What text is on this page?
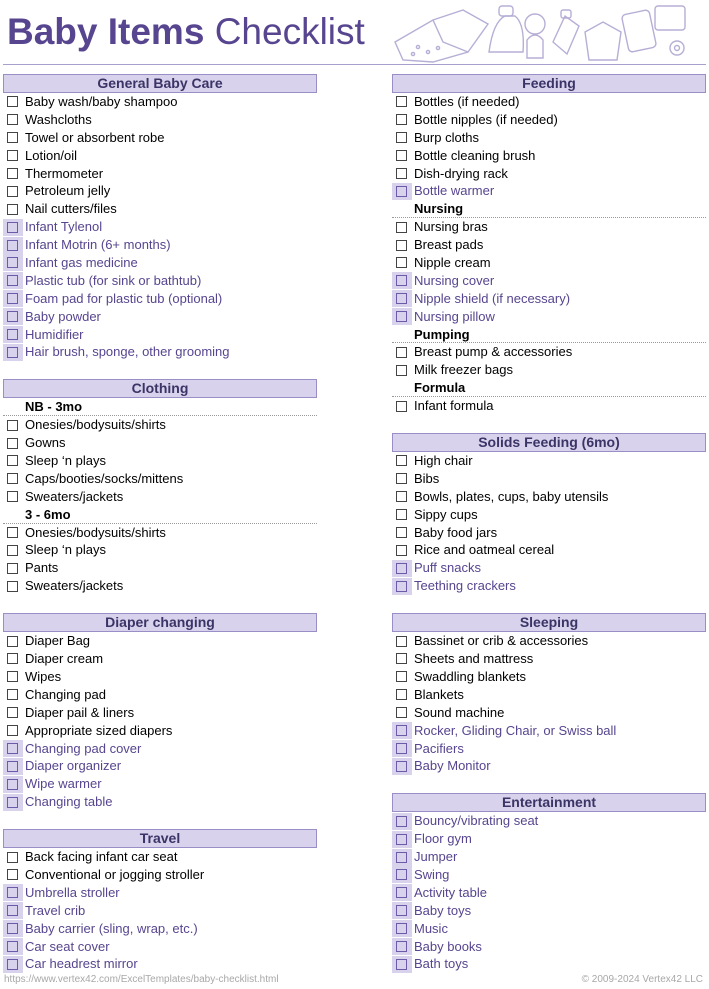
Baby Items Checklist
General Baby Care
Baby wash/baby shampoo
Washcloths
Towel or absorbent robe
Lotion/oil
Thermometer
Petroleum jelly
Nail cutters/files
Infant Tylenol
Infant Motrin (6+ months)
Infant gas medicine
Plastic tub (for sink or bathtub)
Foam pad for plastic tub (optional)
Baby powder
Humidifier
Hair brush, sponge, other grooming
Clothing
NB - 3mo
Onesies/bodysuits/shirts
Gowns
Sleep ‘n plays
Caps/booties/socks/mittens
Sweaters/jackets
3 - 6mo
Onesies/bodysuits/shirts
Sleep ‘n plays
Pants
Sweaters/jackets
Diaper changing
Diaper Bag
Diaper cream
Wipes
Changing pad
Diaper pail & liners
Appropriate sized diapers
Changing pad cover
Diaper organizer
Wipe warmer
Changing table
Travel
Back facing infant car seat
Conventional or jogging stroller
Umbrella stroller
Travel crib
Baby carrier (sling, wrap, etc.)
Car seat cover
Car headrest mirror
Feeding
Bottles (if needed)
Bottle nipples (if needed)
Burp cloths
Bottle cleaning brush
Dish-drying rack
Bottle warmer
Nursing
Nursing bras
Breast pads
Nipple cream
Nursing cover
Nipple shield (if necessary)
Nursing pillow
Pumping
Breast pump & accessories
Milk freezer bags
Formula
Infant formula
Solids Feeding (6mo)
High chair
Bibs
Bowls, plates, cups, baby utensils
Sippy cups
Baby food jars
Rice and oatmeal cereal
Puff snacks
Teething crackers
Sleeping
Bassinet or crib & accessories
Sheets and mattress
Swaddling blankets
Blankets
Sound machine
Rocker, Gliding Chair, or Swiss ball
Pacifiers
Baby Monitor
Entertainment
Bouncy/vibrating seat
Floor gym
Jumper
Swing
Activity table
Baby toys
Music
Baby books
Bath toys
https://www.vertex42.com/ExcelTemplates/baby-checklist.html	© 2009-2024 Vertex42 LLC
